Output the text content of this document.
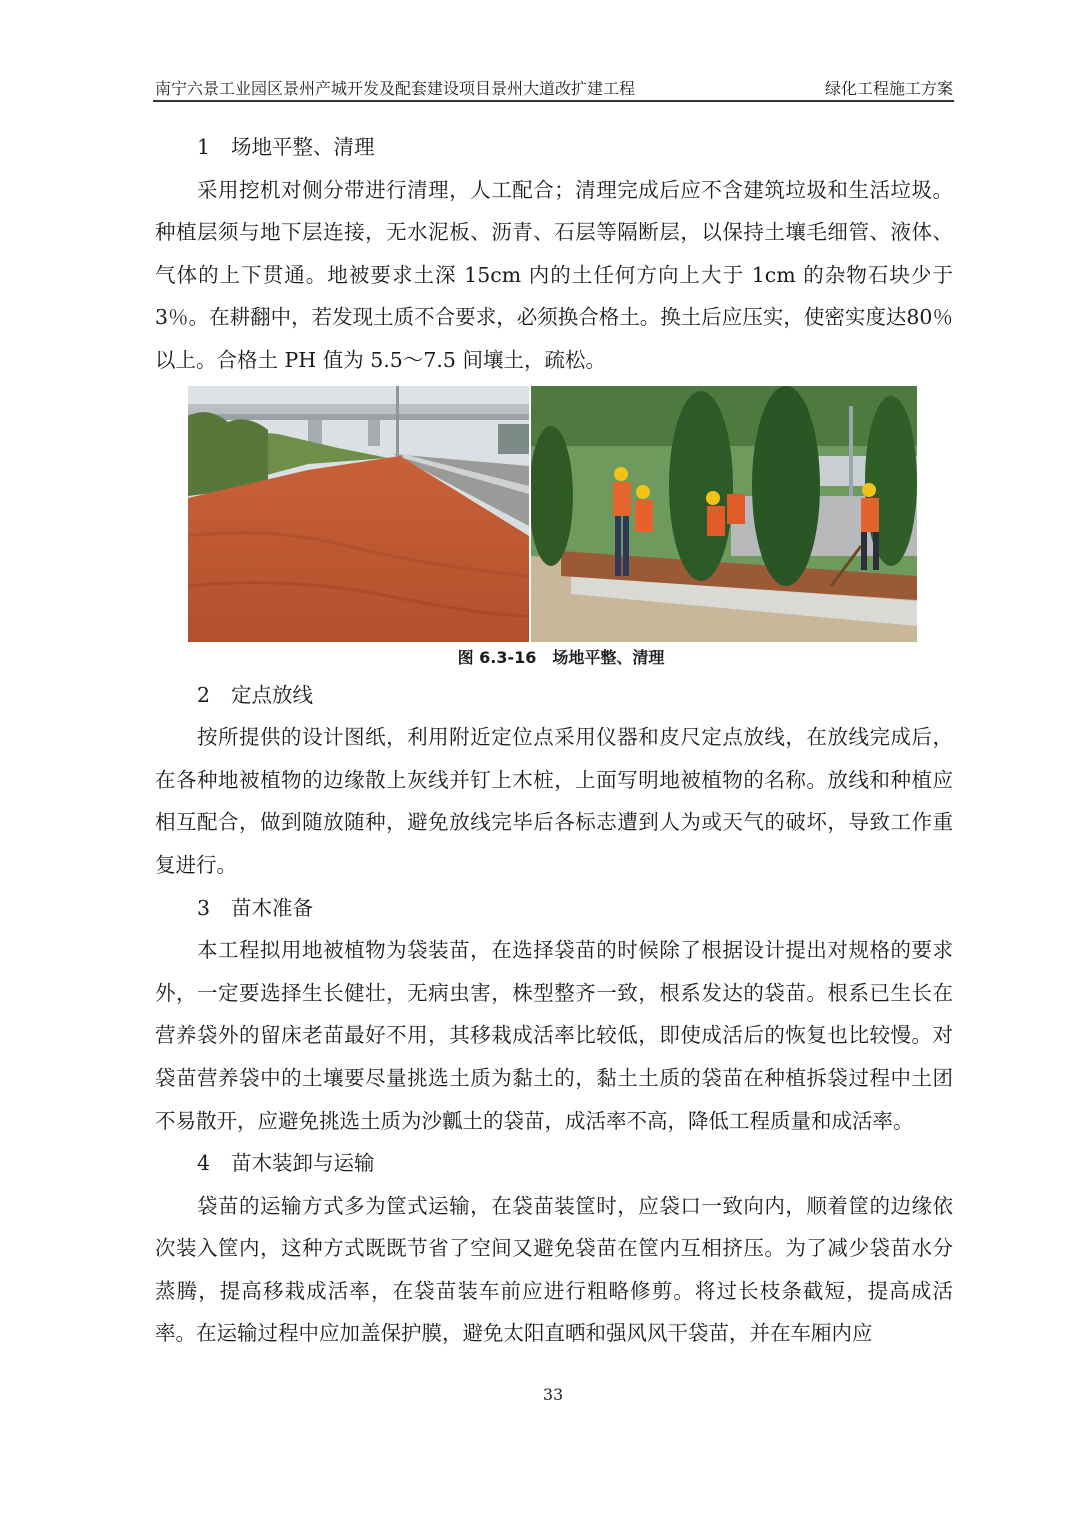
南宁六景工业园区景州产城开发及配套建设项目景州大道改扩建工程	绿化工程施工方案

1 场地平整、清理

采用挖机对侧分带进行清理，人工配合；清理完成后应不含建筑垃圾和生活垃圾。种植层须与地下层连接，无水泥板、沥青、石层等隔断层，以保持土壤毛细管、液体、气体的上下贯通。地被要求土深 15cm 内的土任何方向上大于 1cm 的杂物石块少于3％。在耕翻中，若发现土质不合要求，必须换合格土。换土后应压实，使密实度达80％以上。合格土 PH 值为 5.5～7.5 间壤土，疏松。

图 6.3-16　场地平整、清理

2 定点放线

按所提供的设计图纸，利用附近定位点采用仪器和皮尺定点放线，在放线完成后，在各种地被植物的边缘散上灰线并钉上木桩，上面写明地被植物的名称。放线和种植应相互配合，做到随放随种，避免放线完毕后各标志遭到人为或天气的破坏，导致工作重复进行。

3 苗木准备

本工程拟用地被植物为袋装苗，在选择袋苗的时候除了根据设计提出对规格的要求外，一定要选择生长健壮，无病虫害，株型整齐一致，根系发达的袋苗。根系已生长在营养袋外的留床老苗最好不用，其移栽成活率比较低，即使成活后的恢复也比较慢。对袋苗营养袋中的土壤要尽量挑选土质为黏土的，黏土土质的袋苗在种植拆袋过程中土团不易散开，应避免挑选土质为沙瓤土的袋苗，成活率不高，降低工程质量和成活率。

4 苗木装卸与运输

袋苗的运输方式多为筐式运输，在袋苗装筐时，应袋口一致向内，顺着筐的边缘依次装入筐内，这种方式既既节省了空间又避免袋苗在筐内互相挤压。为了减少袋苗水分蒸腾，提高移栽成活率，在袋苗装车前应进行粗略修剪。将过长枝条截短，提高成活率。在运输过程中应加盖保护膜，避免太阳直晒和强风风干袋苗，并在车厢内应

33
